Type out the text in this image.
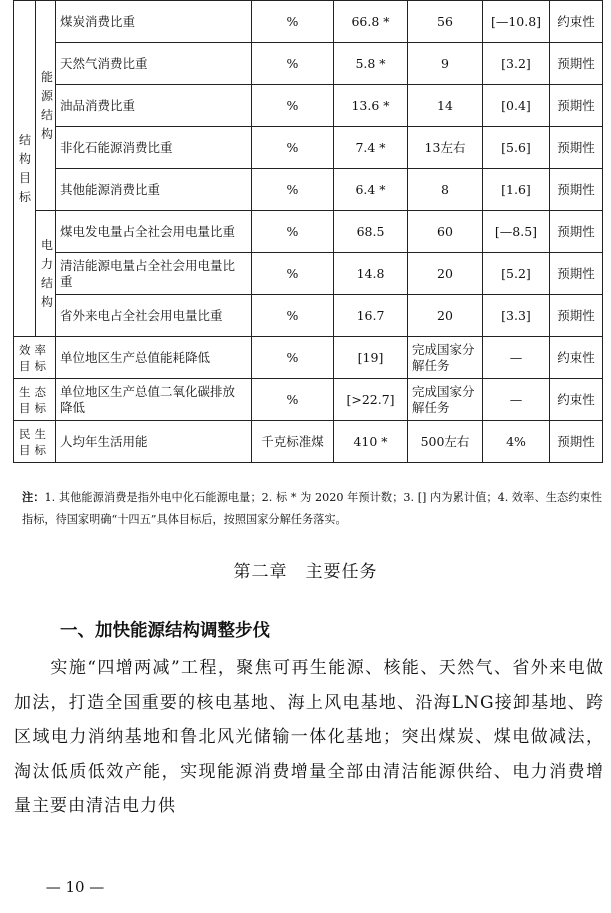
结构目标	能源结构	煤炭消费比重	%	66.8 *	56	[—10.8]	约束性
		天然气消费比重	%	5.8 *	9	[3.2]	预期性
		油品消费比重	%	13.6 *	14	[0.4]	预期性
		非化石能源消费比重	%	7.4 *	13左右	[5.6]	预期性
		其他能源消费比重	%	6.4 *	8	[1.6]	预期性
	电力结构	煤电发电量占全社会用电量比重	%	68.5	60	[—8.5]	预期性
		清洁能源电量占全社会用电量比重	%	14.8	20	[5.2]	预期性
		省外来电占全社会用电量比重	%	16.7	20	[3.3]	预期性
效率目标		单位地区生产总值能耗降低	%	[19]	完成国家分解任务	—	约束性
生态目标		单位地区生产总值二氧化碳排放降低	%	[>22.7]	完成国家分解任务	—	约束性
民生目标		人均年生活用能	千克标准煤	410 *	500左右	4%	预期性
注：1. 其他能源消费是指外电中化石能源电量；2. 标 * 为 2020 年预计数；3. [] 内为累计值；4. 效率、生态约束性指标，待国家明确“十四五”具体目标后，按照国家分解任务落实。
第二章　主要任务
一、加快能源结构调整步伐
实施“四增两减”工程，聚焦可再生能源、核能、天然气、省外来电做加法，打造全国重要的核电基地、海上风电基地、沿海LNG接卸基地、跨区域电力消纳基地和鲁北风光储输一体化基地；突出煤炭、煤电做减法，淘汰低质低效产能，实现能源消费增量全部由清洁能源供给、电力消费增量主要由清洁电力供
— 10 —
